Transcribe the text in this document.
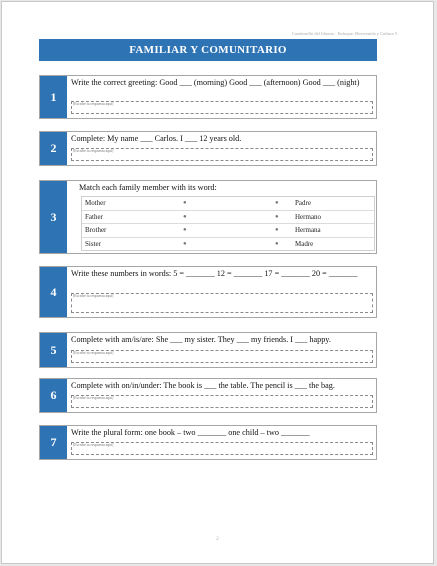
Cuadernillo del Idioma · Enfoque: Bienvenida y Cultura 5
FAMILIAR Y COMUNITARIO
1
Write the correct greeting: Good ___ (morning) Good ___ (afternoon) Good ___ (night)
[Escribe tu respuesta aquí]
2
Complete: My name ___ Carlos. I ___ 12 years old.
[Escribe tu respuesta aquí]
3
Match each family member with its word:
Mother	●	●	Padre
Father	●	●	Hermano
Brother	●	●	Hermana
Sister	●	●	Madre
4
Write these numbers in words: 5 = _______ 12 = _______ 17 = _______ 20 = _______
[Escribe tu respuesta aquí]
5
Complete with am/is/are: She ___ my sister. They ___ my friends. I ___ happy.
[Escribe tu respuesta aquí]
6
Complete with on/in/under: The book is ___ the table. The pencil is ___ the bag.
[Escribe tu respuesta aquí]
7
Write the plural form: one book – two _______ one child – two _______
[Escribe tu respuesta aquí]
2
